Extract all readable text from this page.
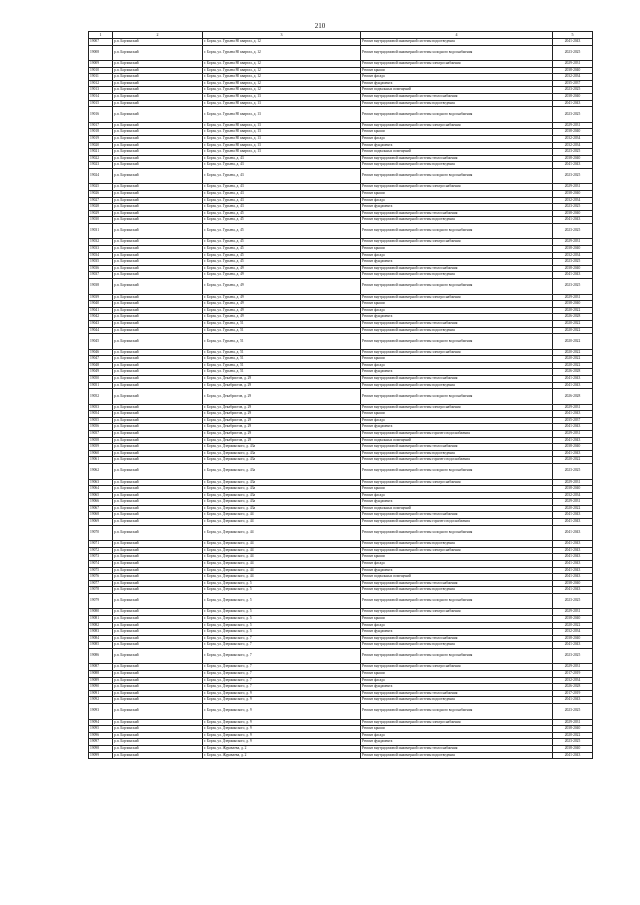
210
1	2	3	4	5
19007	р.п. Борзинский	г. Борзя, ул. Гурьева 80 квартал, д. 12	Ремонт внутридомовой инженерной системы водоотведения	2041-2043
19008	р.п. Борзинский	г. Борзя, ул. Гурьева 80 квартал, д. 12	Ремонт внутридомовой инженерной системы холодного водоснабжения	2023-2025
19009	р.п. Борзинский	г. Борзя, ул. Гурьева 80 квартал, д. 12	Ремонт внутридомовой инженерной системы электроснабжения	2029-2031
19010	р.п. Борзинский	г. Борзя, ул. Гурьева 80 квартал, д. 12	Ремонт крыши	2038-2040
19011	р.п. Борзинский	г. Борзя, ул. Гурьева 80 квартал, д. 12	Ремонт фасада	2032-2034
19012	р.п. Борзинский	г. Борзя, ул. Гурьева 80 квартал, д. 12	Ремонт фундамента	2035-2037
19013	р.п. Борзинский	г. Борзя, ул. Гурьева 80 квартал, д. 12	Ремонт подвальных помещений	2023-2025
19014	р.п. Борзинский	г. Борзя, ул. Гурьева 80 квартал, д. 13	Ремонт внутридомовой инженерной системы теплоснабжения	2038-2040
19015	р.п. Борзинский	г. Борзя, ул. Гурьева 80 квартал, д. 13	Ремонт внутридомовой инженерной системы водоотведения	2041-2043
19016	р.п. Борзинский	г. Борзя, ул. Гурьева 80 квартал, д. 13	Ремонт внутридомовой инженерной системы холодного водоснабжения	2023-2025
19017	р.п. Борзинский	г. Борзя, ул. Гурьева 80 квартал, д. 13	Ремонт внутридомовой инженерной системы электроснабжения	2029-2031
19018	р.п. Борзинский	г. Борзя, ул. Гурьева 80 квартал, д. 13	Ремонт крыши	2038-2040
19019	р.п. Борзинский	г. Борзя, ул. Гурьева 80 квартал, д. 13	Ремонт фасада	2032-2034
19020	р.п. Борзинский	г. Борзя, ул. Гурьева 80 квартал, д. 13	Ремонт фундамента	2032-2034
19021	р.п. Борзинский	г. Борзя, ул. Гурьева 80 квартал, д. 13	Ремонт подвальных помещений	2023-2025
19022	р.п. Борзинский	г. Борзя, ул. Гурьева, д. 43	Ремонт внутридомовой инженерной системы теплоснабжения	2038-2040
19023	р.п. Борзинский	г. Борзя, ул. Гурьева, д. 43	Ремонт внутридомовой инженерной системы водоотведения	2041-2043
19024	р.п. Борзинский	г. Борзя, ул. Гурьева, д. 43	Ремонт внутридомовой инженерной системы холодного водоснабжения	2023-2025
19025	р.п. Борзинский	г. Борзя, ул. Гурьева, д. 43	Ремонт внутридомовой инженерной системы электроснабжения	2029-2031
19026	р.п. Борзинский	г. Борзя, ул. Гурьева, д. 43	Ремонт крыши	2038-2040
19027	р.п. Борзинский	г. Борзя, ул. Гурьева, д. 43	Ремонт фасада	2032-2034
19028	р.п. Борзинский	г. Борзя, ул. Гурьева, д. 43	Ремонт фундамента	2023-2025
19029	р.п. Борзинский	г. Борзя, ул. Гурьева, д. 45	Ремонт внутридомовой инженерной системы теплоснабжения	2038-2040
19030	р.п. Борзинский	г. Борзя, ул. Гурьева, д. 45	Ремонт внутридомовой инженерной системы водоотведения	2041-2043
19031	р.п. Борзинский	г. Борзя, ул. Гурьева, д. 45	Ремонт внутридомовой инженерной системы холодного водоснабжения	2023-2025
19032	р.п. Борзинский	г. Борзя, ул. Гурьева, д. 45	Ремонт внутридомовой инженерной системы электроснабжения	2029-2031
19033	р.п. Борзинский	г. Борзя, ул. Гурьева, д. 45	Ремонт крыши	2038-2040
19034	р.п. Борзинский	г. Борзя, ул. Гурьева, д. 45	Ремонт фасада	2032-2034
19035	р.п. Борзинский	г. Борзя, ул. Гурьева, д. 45	Ремонт фундамента	2023-2025
19036	р.п. Борзинский	г. Борзя, ул. Гурьева, д. 49	Ремонт внутридомовой инженерной системы теплоснабжения	2038-2040
19037	р.п. Борзинский	г. Борзя, ул. Гурьева, д. 49	Ремонт внутридомовой инженерной системы водоотведения	2041-2043
19038	р.п. Борзинский	г. Борзя, ул. Гурьева, д. 49	Ремонт внутридомовой инженерной системы холодного водоснабжения	2023-2025
19039	р.п. Борзинский	г. Борзя, ул. Гурьева, д. 49	Ремонт внутридомовой инженерной системы электроснабжения	2029-2031
19040	р.п. Борзинский	г. Борзя, ул. Гурьева, д. 49	Ремонт крыши	2038-2040
19041	р.п. Борзинский	г. Борзя, ул. Гурьева, д. 49	Ремонт фасада	2020-2022
19042	р.п. Борзинский	г. Борзя, ул. Гурьева, д. 49	Ремонт фундамента	2026-2028
19043	р.п. Борзинский	г. Борзя, ул. Гурьева, д. 51	Ремонт внутридомовой инженерной системы теплоснабжения	2020-2022
19044	р.п. Борзинский	г. Борзя, ул. Гурьева, д. 51	Ремонт внутридомовой инженерной системы водоотведения	2020-2022
19045	р.п. Борзинский	г. Борзя, ул. Гурьева, д. 51	Ремонт внутридомовой инженерной системы холодного водоснабжения	2020-2022
19046	р.п. Борзинский	г. Борзя, ул. Гурьева, д. 51	Ремонт внутридомовой инженерной системы электроснабжения	2020-2022
19047	р.п. Борзинский	г. Борзя, ул. Гурьева, д. 51	Ремонт крыши	2020-2022
19048	р.п. Борзинский	г. Борзя, ул. Гурьева, д. 51	Ремонт фасада	2020-2022
19049	р.п. Борзинский	г. Борзя, ул. Гурьева, д. 51	Ремонт фундамента	2026-2028
19050	р.п. Борзинский	г. Борзя, ул. Декабристов, д. 29	Ремонт внутридомовой инженерной системы теплоснабжения	2041-2043
19051	р.п. Борзинский	г. Борзя, ул. Декабристов, д. 29	Ремонт внутридомовой инженерной системы водоотведения	2041-2043
19052	р.п. Борзинский	г. Борзя, ул. Декабристов, д. 29	Ремонт внутридомовой инженерной системы холодного водоснабжения	2026-2028
19053	р.п. Борзинский	г. Борзя, ул. Декабристов, д. 29	Ремонт внутридомовой инженерной системы электроснабжения	2029-2031
19054	р.п. Борзинский	г. Борзя, ул. Декабристов, д. 29	Ремонт крыши	2041-2043
19055	р.п. Борзинский	г. Борзя, ул. Декабристов, д. 29	Ремонт фасада	2035-2037
19056	р.п. Борзинский	г. Борзя, ул. Декабристов, д. 29	Ремонт фундамента	2041-2043
19057	р.п. Борзинский	г. Борзя, ул. Декабристов, д. 29	Ремонт внутридомовой инженерной системы горячего водоснабжения	2029-2031
19058	р.п. Борзинский	г. Борзя, ул. Декабристов, д. 29	Ремонт подвальных помещений	2041-2043
19059	р.п. Борзинский	г. Борзя, ул. Дзержинского, д. 43а	Ремонт внутридомовой инженерной системы теплоснабжения	2038-2040
19060	р.п. Борзинский	г. Борзя, ул. Дзержинского, д. 43а	Ремонт внутридомовой инженерной системы водоотведения	2041-2043
19061	р.п. Борзинский	г. Борзя, ул. Дзержинского, д. 43а	Ремонт внутридомовой инженерной системы горячего водоснабжения	2020-2022
19062	р.п. Борзинский	г. Борзя, ул. Дзержинского, д. 43а	Ремонт внутридомовой инженерной системы холодного водоснабжения	2023-2025
19063	р.п. Борзинский	г. Борзя, ул. Дзержинского, д. 43а	Ремонт внутридомовой инженерной системы электроснабжения	2029-2031
19064	р.п. Борзинский	г. Борзя, ул. Дзержинского, д. 43а	Ремонт крыши	2038-2040
19065	р.п. Борзинский	г. Борзя, ул. Дзержинского, д. 43а	Ремонт фасада	2032-2034
19066	р.п. Борзинский	г. Борзя, ул. Дзержинского, д. 43а	Ремонт фундамента	2029-2031
19067	р.п. Борзинский	г. Борзя, ул. Дзержинского, д. 43а	Ремонт подвальных помещений	2020-2022
19068	р.п. Борзинский	г. Борзя, ул. Дзержинского, д. 44	Ремонт внутридомовой инженерной системы теплоснабжения	2041-2043
19069	р.п. Борзинский	г. Борзя, ул. Дзержинского, д. 44	Ремонт внутридомовой инженерной системы горячего водоснабжения	2041-2043
19070	р.п. Борзинский	г. Борзя, ул. Дзержинского, д. 44	Ремонт внутридомовой инженерной системы холодного водоснабжения	2041-2043
19071	р.п. Борзинский	г. Борзя, ул. Дзержинского, д. 44	Ремонт внутридомовой инженерной системы водоотведения	2041-2043
19072	р.п. Борзинский	г. Борзя, ул. Дзержинского, д. 44	Ремонт внутридомовой инженерной системы электроснабжения	2041-2043
19073	р.п. Борзинский	г. Борзя, ул. Дзержинского, д. 44	Ремонт крыши	2041-2043
19074	р.п. Борзинский	г. Борзя, ул. Дзержинского, д. 44	Ремонт фасада	2041-2043
19075	р.п. Борзинский	г. Борзя, ул. Дзержинского, д. 44	Ремонт фундамента	2041-2043
19076	р.п. Борзинский	г. Борзя, ул. Дзержинского, д. 44	Ремонт подвальных помещений	2041-2043
19077	р.п. Борзинский	г. Борзя, ул. Дзержинского, д. 5	Ремонт внутридомовой инженерной системы теплоснабжения	2038-2040
19078	р.п. Борзинский	г. Борзя, ул. Дзержинского, д. 5	Ремонт внутридомовой инженерной системы водоотведения	2041-2043
19079	р.п. Борзинский	г. Борзя, ул. Дзержинского, д. 5	Ремонт внутридомовой инженерной системы холодного водоснабжения	2023-2025
19080	р.п. Борзинский	г. Борзя, ул. Дзержинского, д. 5	Ремонт внутридомовой инженерной системы электроснабжения	2029-2031
19081	р.п. Борзинский	г. Борзя, ул. Дзержинского, д. 5	Ремонт крыши	2038-2040
19082	р.п. Борзинский	г. Борзя, ул. Дзержинского, д. 5	Ремонт фасада	2020-2022
19083	р.п. Борзинский	г. Борзя, ул. Дзержинского, д. 5	Ремонт фундамента	2032-2034
19084	р.п. Борзинский	г. Борзя, ул. Дзержинского, д. 7	Ремонт внутридомовой инженерной системы теплоснабжения	2038-2040
19085	р.п. Борзинский	г. Борзя, ул. Дзержинского, д. 7	Ремонт внутридомовой инженерной системы водоотведения	2041-2043
19086	р.п. Борзинский	г. Борзя, ул. Дзержинского, д. 7	Ремонт внутридомовой инженерной системы холодного водоснабжения	2023-2025
19087	р.п. Борзинский	г. Борзя, ул. Дзержинского, д. 7	Ремонт внутридомовой инженерной системы электроснабжения	2029-2031
19088	р.п. Борзинский	г. Борзя, ул. Дзержинского, д. 7	Ремонт крыши	2017-2019
19089	р.п. Борзинский	г. Борзя, ул. Дзержинского, д. 7	Ремонт фасада	2032-2034
19090	р.п. Борзинский	г. Борзя, ул. Дзержинского, д. 7	Ремонт фундамента	2026-2028
19091	р.п. Борзинский	г. Борзя, ул. Дзержинского, д. 9	Ремонт внутридомовой инженерной системы теплоснабжения	2017-2019
19092	р.п. Борзинский	г. Борзя, ул. Дзержинского, д. 9	Ремонт внутридомовой инженерной системы водоотведения	2041-2043
19093	р.п. Борзинский	г. Борзя, ул. Дзержинского, д. 9	Ремонт внутридомовой инженерной системы холодного водоснабжения	2023-2025
19094	р.п. Борзинский	г. Борзя, ул. Дзержинского, д. 9	Ремонт внутридомовой инженерной системы электроснабжения	2029-2031
19095	р.п. Борзинский	г. Борзя, ул. Дзержинского, д. 9	Ремонт крыши	2038-2040
19096	р.п. Борзинский	г. Борзя, ул. Дзержинского, д. 9	Ремонт фасада	2020-2022
19097	р.п. Борзинский	г. Борзя, ул. Дзержинского, д. 9	Ремонт фундамента	2023-2025
19098	р.п. Борзинский	г. Борзя, ул. Журавлева, д. 2	Ремонт внутридомовой инженерной системы теплоснабжения	2038-2040
19099	р.п. Борзинский	г. Борзя, ул. Журавлева, д. 2	Ремонт внутридомовой инженерной системы водоотведения	2041-2043
